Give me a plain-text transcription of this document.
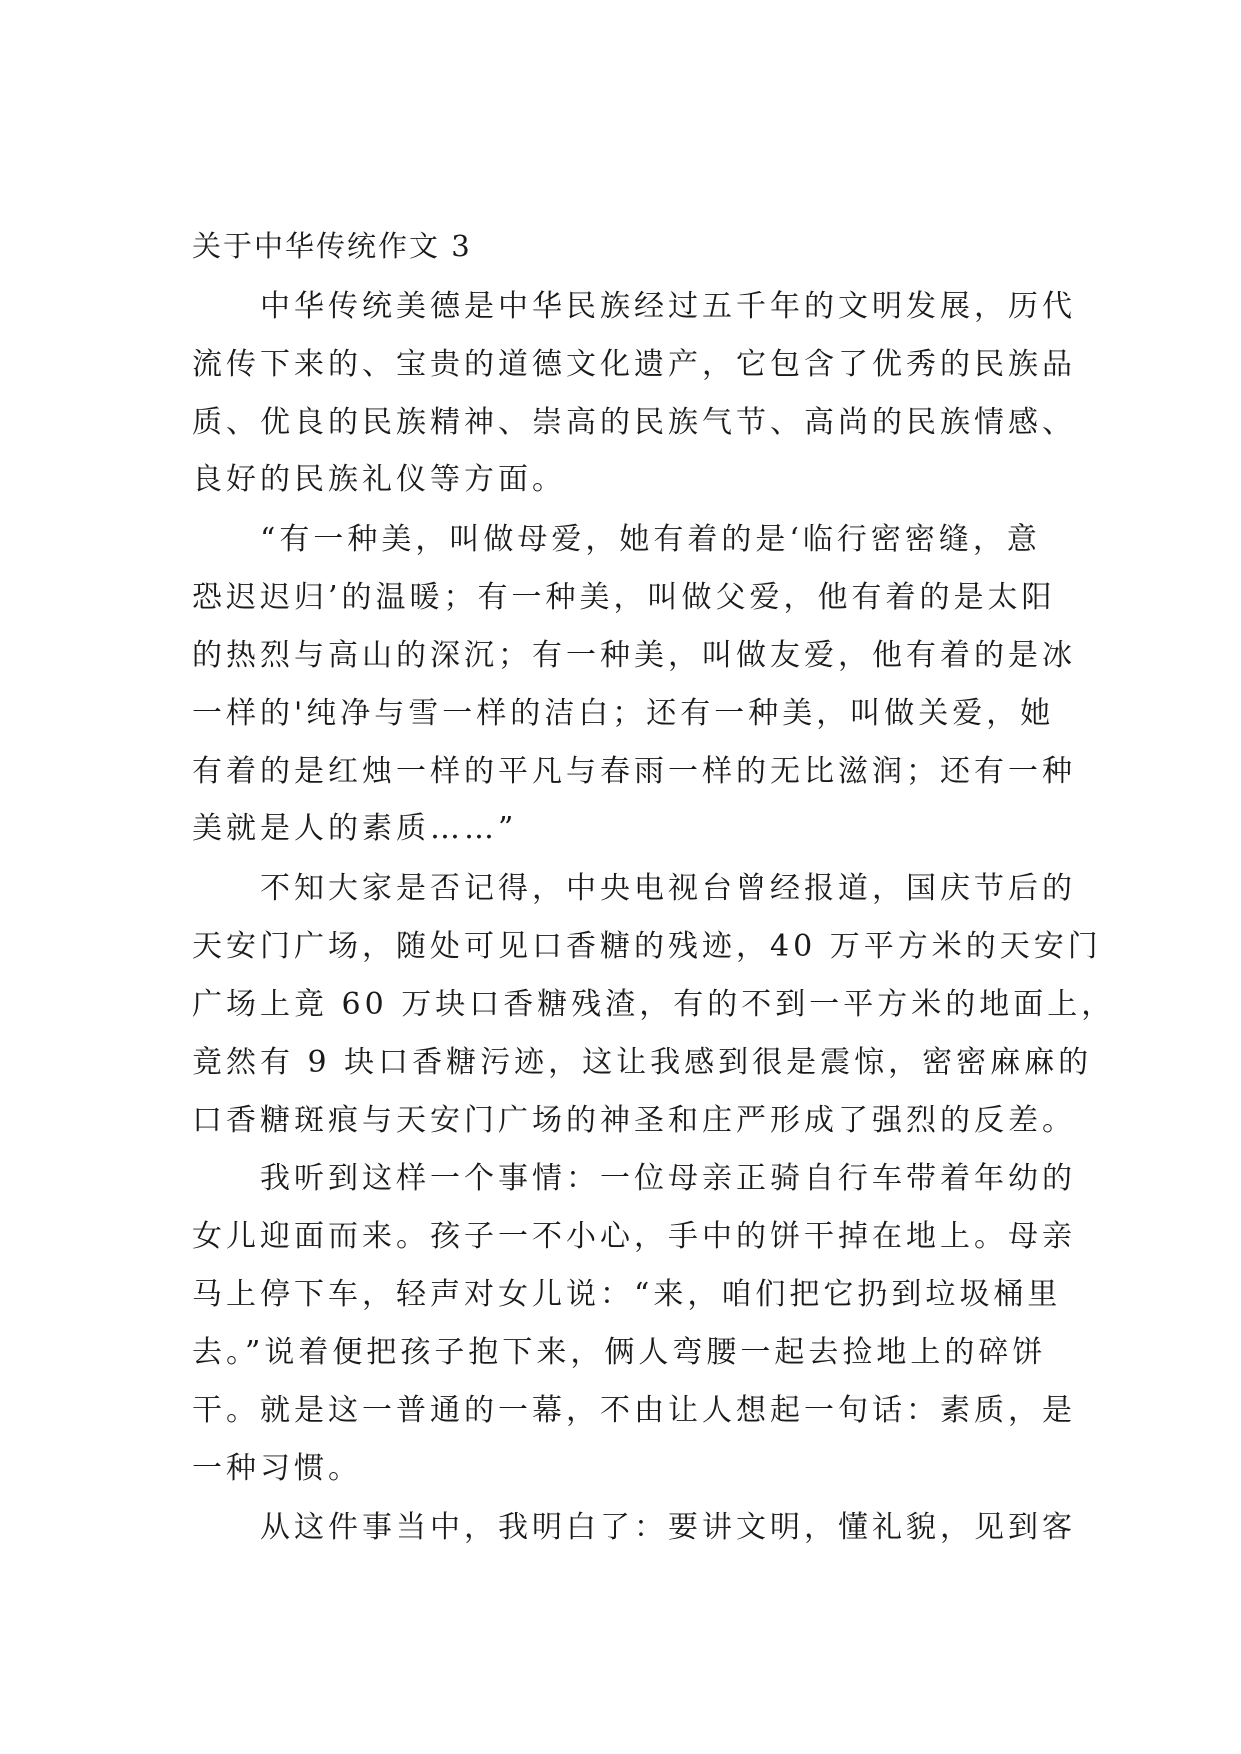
关于中华传统作文 3

　　中华传统美德是中华民族经过五千年的文明发展，历代

流传下来的、宝贵的道德文化遗产，它包含了优秀的民族品

质、优良的民族精神、崇高的民族气节、高尚的民族情感、

良好的民族礼仪等方面。

　　“有一种美，叫做母爱，她有着的是‘临行密密缝，意

恐迟迟归’的温暖；有一种美，叫做父爱，他有着的是太阳

的热烈与高山的深沉；有一种美，叫做友爱，他有着的是冰

一样的'纯净与雪一样的洁白；还有一种美，叫做关爱，她

有着的是红烛一样的平凡与春雨一样的无比滋润；还有一种

美就是人的素质……”

　　不知大家是否记得，中央电视台曾经报道，国庆节后的

天安门广场，随处可见口香糖的残迹，40 万平方米的天安门

广场上竟 60 万块口香糖残渣，有的不到一平方米的地面上，

竟然有 9 块口香糖污迹，这让我感到很是震惊，密密麻麻的

口香糖斑痕与天安门广场的神圣和庄严形成了强烈的反差。

　　我听到这样一个事情：一位母亲正骑自行车带着年幼的

女儿迎面而来。孩子一不小心，手中的饼干掉在地上。母亲

马上停下车，轻声对女儿说：“来，咱们把它扔到垃圾桶里

去。”说着便把孩子抱下来，俩人弯腰一起去捡地上的碎饼

干。就是这一普通的一幕，不由让人想起一句话：素质，是

一种习惯。

　　从这件事当中，我明白了：要讲文明，懂礼貌，见到客
